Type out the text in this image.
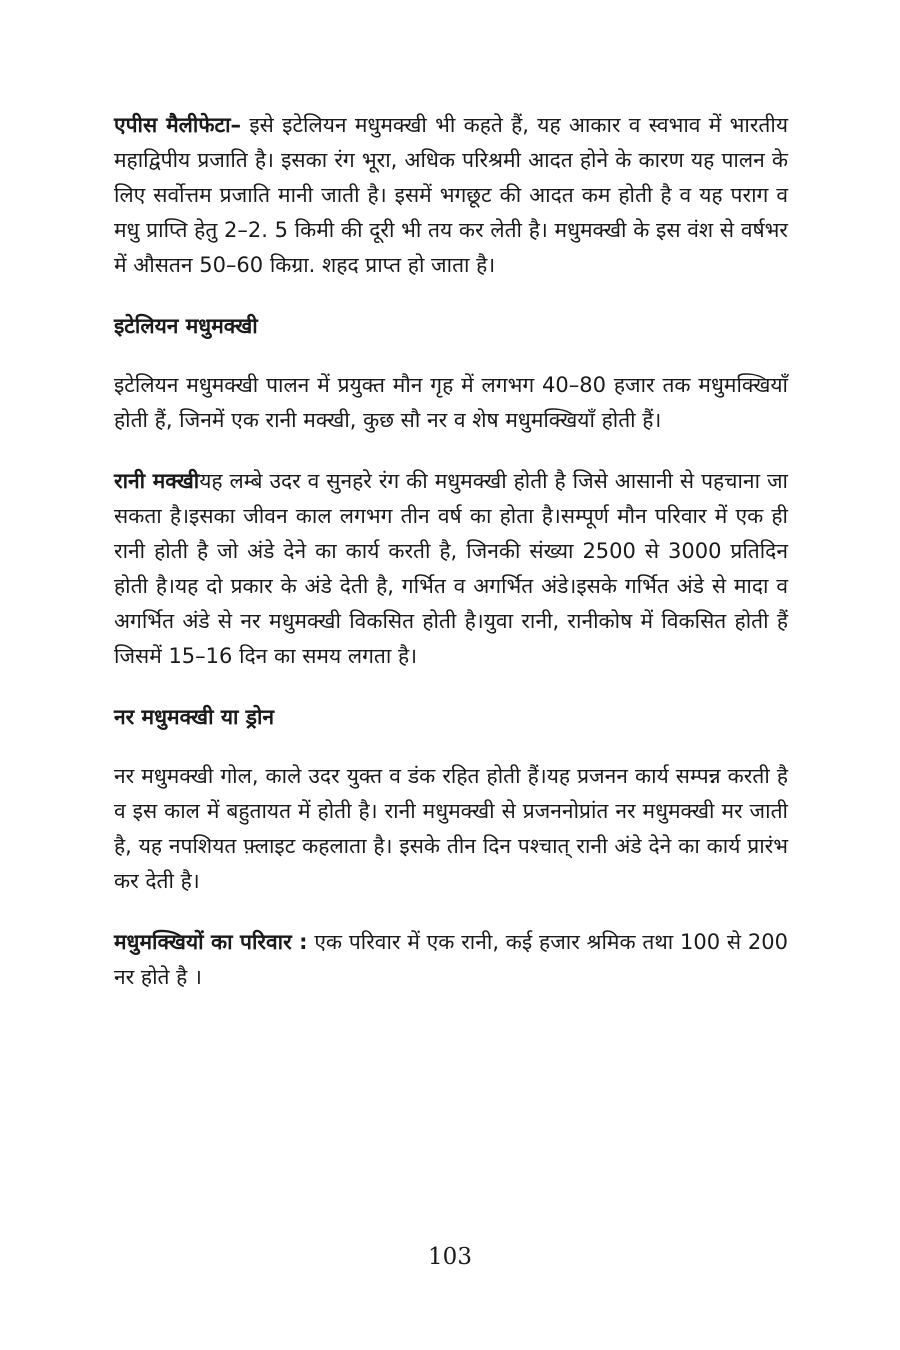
एपीस मैलीफेटा– इसे इटेलियन मधुमक्खी भी कहते हैं, यह आकार व स्वभाव में भारतीय महाद्विपीय प्रजाति है। इसका रंग भूरा, अधिक परिश्रमी आदत होने के कारण यह पालन के लिए सर्वोत्तम प्रजाति मानी जाती है। इसमें भगछूट की आदत कम होती है व यह पराग व मधु प्राप्ति हेतु 2–2. 5 किमी की दूरी भी तय कर लेती है। मधुमक्खी के इस वंश से वर्षभर में औसतन 50–60 किग्रा. शहद प्राप्त हो जाता है।

इटेलियन मधुमक्खी

इटेलियन मधुमक्खी पालन में प्रयुक्त मौन गृह में लगभग 40–80 हजार तक मधुमक्खियाँ होती हैं, जिनमें एक रानी मक्खी, कुछ सौ नर व शेष मधुमक्खियाँ होती हैं।

रानी मक्खीयह लम्बे उदर व सुनहरे रंग की मधुमक्खी होती है जिसे आसानी से पहचाना जा सकता है।इसका जीवन काल लगभग तीन वर्ष का होता है।सम्पूर्ण मौन परिवार में एक ही रानी होती है जो अंडे देने का कार्य करती है, जिनकी संख्या 2500 से 3000 प्रतिदिन होती है।यह दो प्रकार के अंडे देती है, गर्भित व अगर्भित अंडे।इसके गर्भित अंडे से मादा व अगर्भित अंडे से नर मधुमक्खी विकसित होती है।युवा रानी, रानीकोष में विकसित होती हैं जिसमें 15–16 दिन का समय लगता है।

नर मधुमक्खी या ड्रोन

नर मधुमक्खी गोल, काले उदर युक्त व डंक रहित होती हैं।यह प्रजनन कार्य सम्पन्न करती है व इस काल में बहुतायत में होती है। रानी मधुमक्खी से प्रजननोप्रांत नर मधुमक्खी मर जाती है, यह नपशियत फ़्लाइट कहलाता है। इसके तीन दिन पश्चात् रानी अंडे देने का कार्य प्रारंभ कर देती है।

मधुमक्खियों का परिवार : एक परिवार में एक रानी, कई हजार श्रमिक तथा 100 से 200 नर होते है ।

103
